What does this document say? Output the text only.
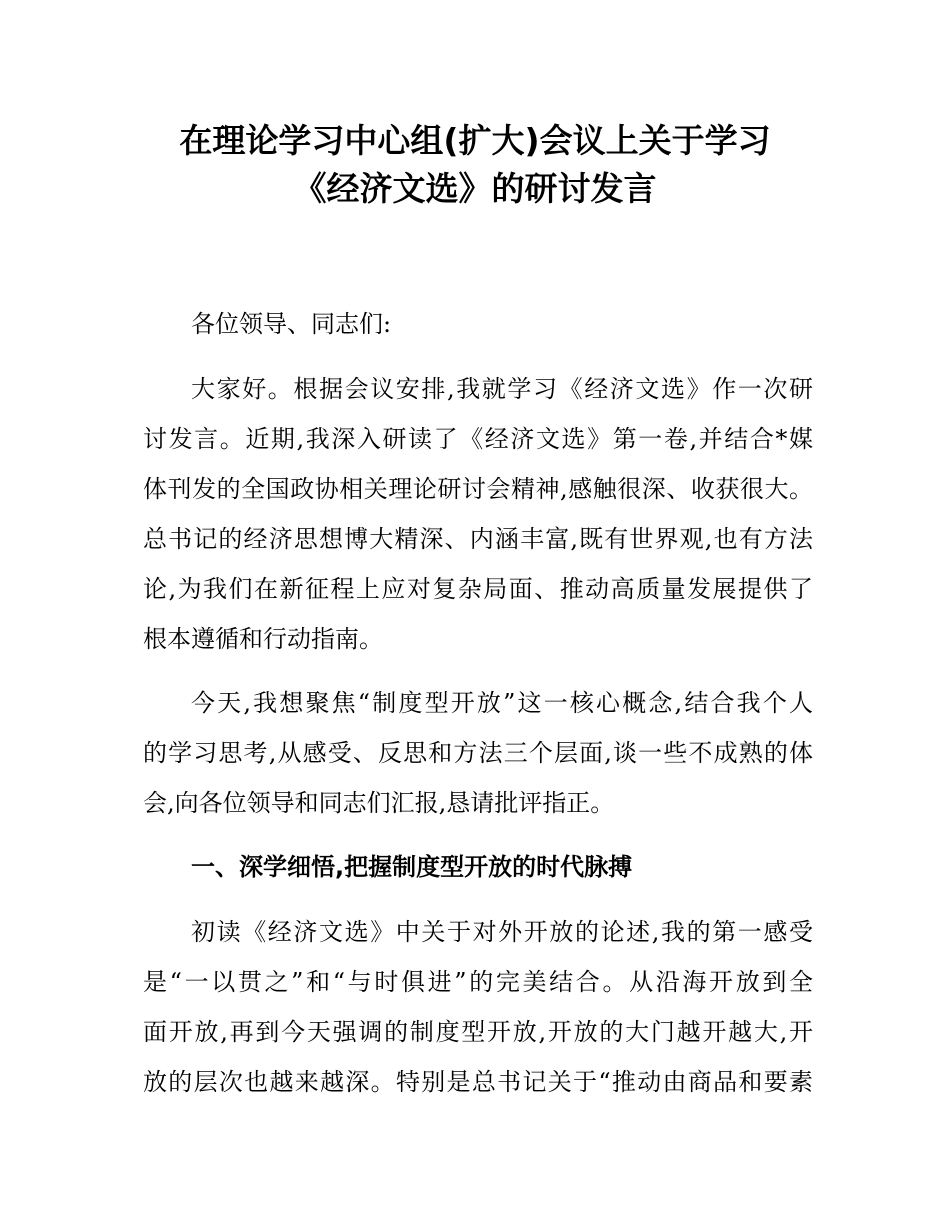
在理论学习中心组(扩大)会议上关于学习
《经济文选》的研讨发言

各位领导、同志们:

大家好。根据会议安排,我就学习《经济文选》作一次研

讨发言。近期,我深入研读了《经济文选》第一卷,并结合*媒

体刊发的全国政协相关理论研讨会精神,感触很深、收获很大。

总书记的经济思想博大精深、内涵丰富,既有世界观,也有方法

论,为我们在新征程上应对复杂局面、推动高质量发展提供了

根本遵循和行动指南。

今天,我想聚焦“制度型开放”这一核心概念,结合我个人

的学习思考,从感受、反思和方法三个层面,谈一些不成熟的体

会,向各位领导和同志们汇报,恳请批评指正。

一、深学细悟,把握制度型开放的时代脉搏

初读《经济文选》中关于对外开放的论述,我的第一感受

是“一以贯之”和“与时俱进”的完美结合。从沿海开放到全

面开放,再到今天强调的制度型开放,开放的大门越开越大,开

放的层次也越来越深。特别是总书记关于“推动由商品和要素
